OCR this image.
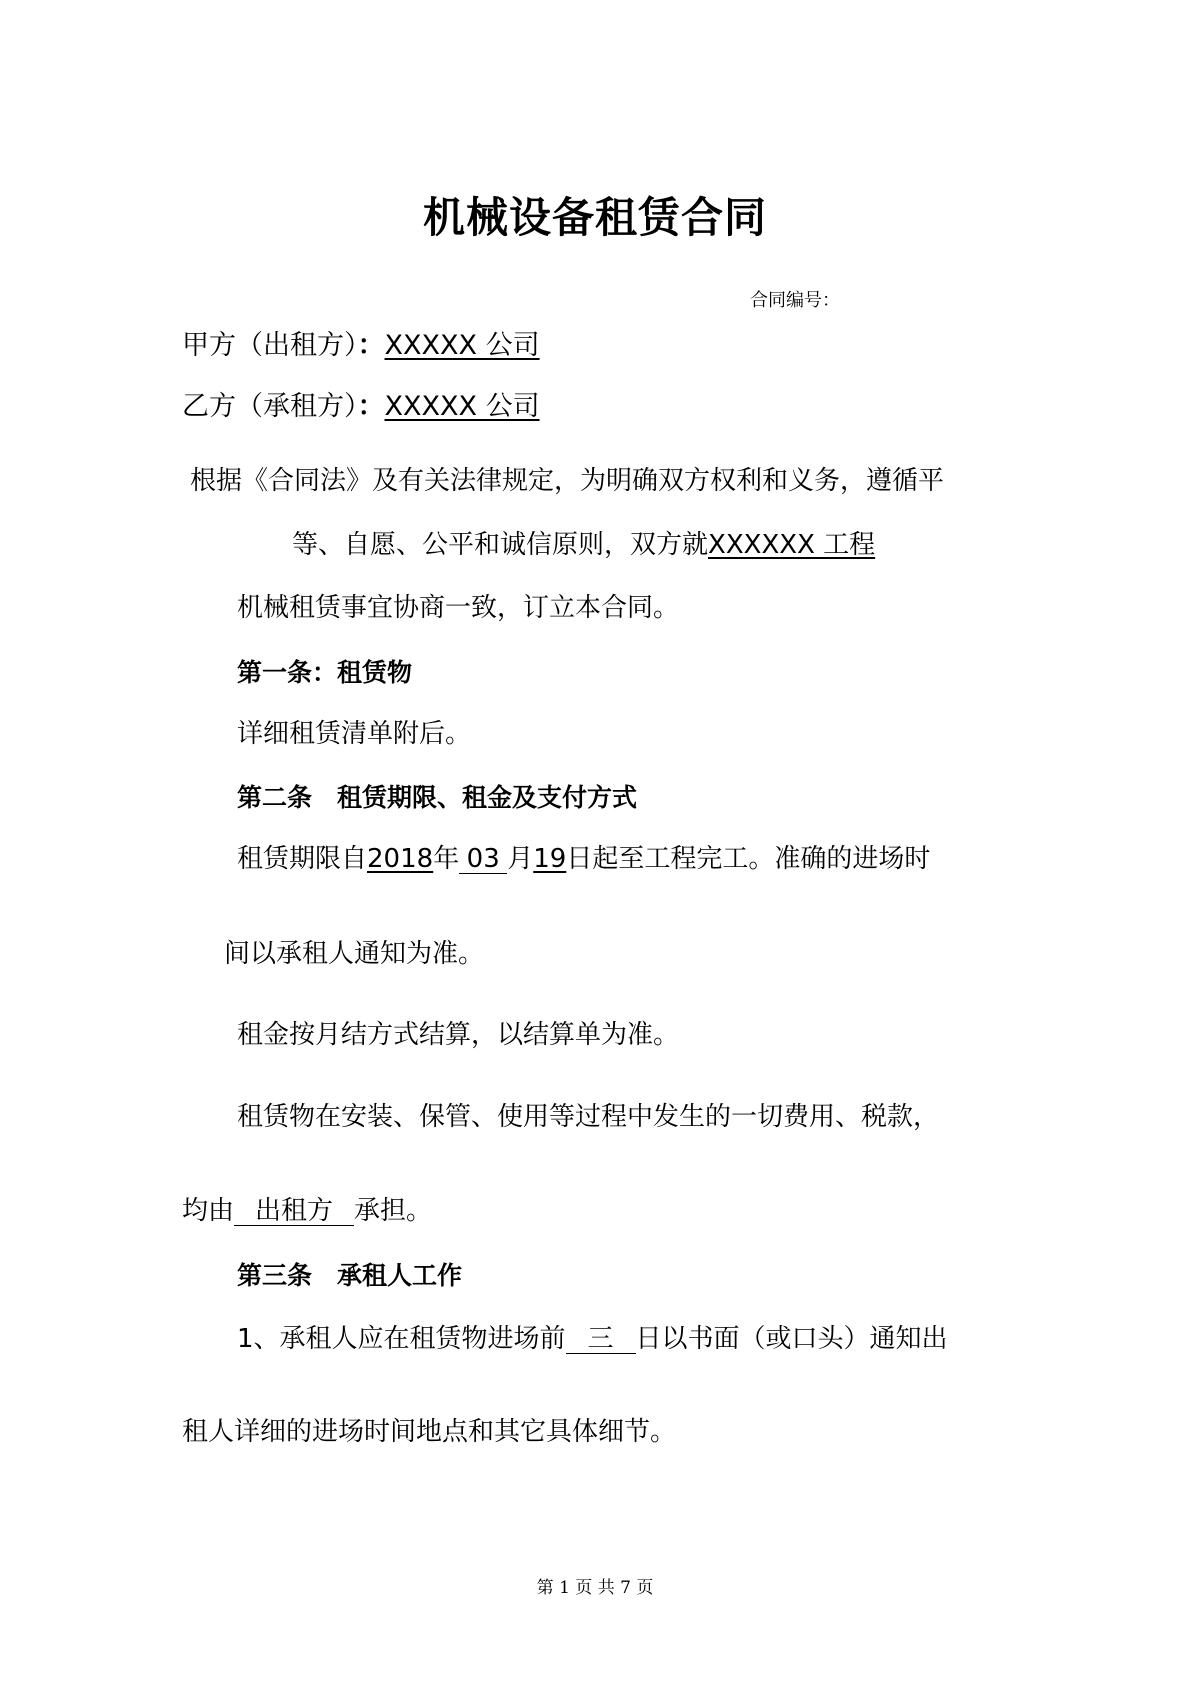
机械设备租赁合同
合同编号：
甲方（出租方）：XXXXX 公司
乙方（承租方）：XXXXX 公司
根据《合同法》及有关法律规定，为明确双方权利和义务，遵循平
等、自愿、公平和诚信原则，双方就XXXXXX 工程
机械租赁事宜协商一致，订立本合同。
第一条：租赁物
详细租赁清单附后。
第二条　租赁期限、租金及支付方式
租赁期限自2018年 03 月19日起至工程完工。准确的进场时
间以承租人通知为准。
租金按月结方式结算，以结算单为准。
租赁物在安装、保管、使用等过程中发生的一切费用、税款，
均由 出租方 承担。
第三条　承租人工作
1、承租人应在租赁物进场前 三 日以书面（或口头）通知出
租人详细的进场时间地点和其它具体细节。
第 1 页 共 7 页
